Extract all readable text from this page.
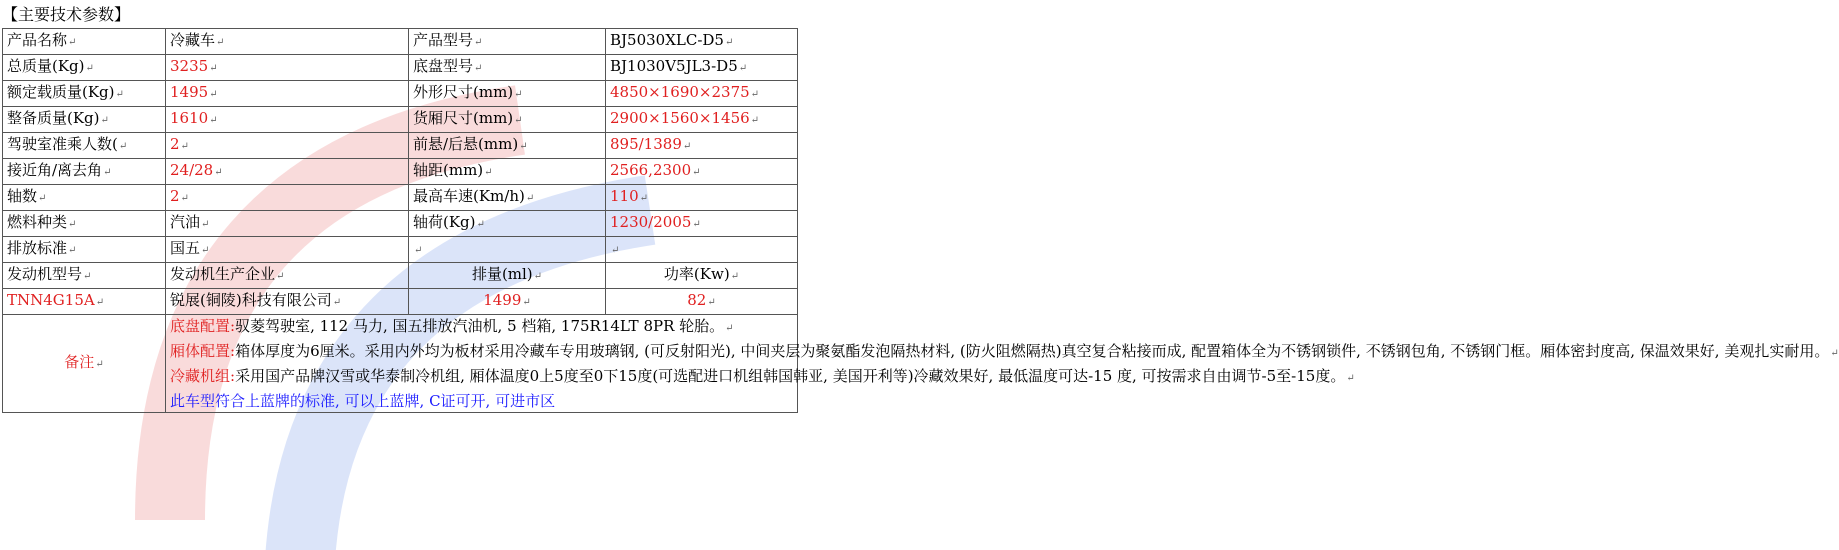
【主要技术参数】
产品名称 ↵	冷藏车 ↵	产品型号 ↵	BJ5030XLC-D5 ↵
总质量(Kg) ↵	3235 ↵	底盘型号 ↵	BJ1030V5JL3-D5 ↵
额定载质量(Kg) ↵	1495 ↵	外形尺寸(mm) ↵	4850×1690×2375 ↵
整备质量(Kg) ↵	1610 ↵	货厢尺寸(mm) ↵	2900×1560×1456 ↵
驾驶室准乘人数( ↵	2 ↵	前悬/后悬(mm) ↵	895/1389 ↵
接近角/离去角 ↵	24/28 ↵	轴距(mm) ↵	2566,2300 ↵
轴数 ↵	2 ↵	最高车速(Km/h) ↵	110 ↵
燃料种类 ↵	汽油 ↵	轴荷(Kg) ↵	1230/2005 ↵
排放标准 ↵	国五 ↵	↵	↵
发动机型号 ↵	发动机生产企业 ↵	排量(ml) ↵	功率(Kw) ↵
TNN4G15A ↵	锐展(铜陵)科技有限公司 ↵	1499 ↵	82 ↵
备注 ↵	底盘配置:驭菱驾驶室, 112 马力, 国五排放汽油机, 5 档箱, 175R14LT 8PR 轮胎。 ↵

厢体配置:箱体厚度为6厘米。采用内外均为板材采用冷藏车专用玻璃钢, (可反射阳光), 中间夹层为聚氨酯发泡隔热材料, (防火阻燃隔热)真空复合粘接而成, 配置箱体全为不锈钢锁件, 不锈钢包角, 不锈钢门框。厢体密封度高, 保温效果好, 美观扎实耐用。 ↵

冷藏机组:采用国产品牌汉雪或华泰制冷机组, 厢体温度0上5度至0下15度(可选配进口机组韩国韩亚, 美国开利等)冷藏效果好, 最低温度可达-15 度, 可按需求自由调节-5至-15度。 ↵

此车型符合上蓝牌的标准, 可以上蓝牌, C证可开, 可进市区
